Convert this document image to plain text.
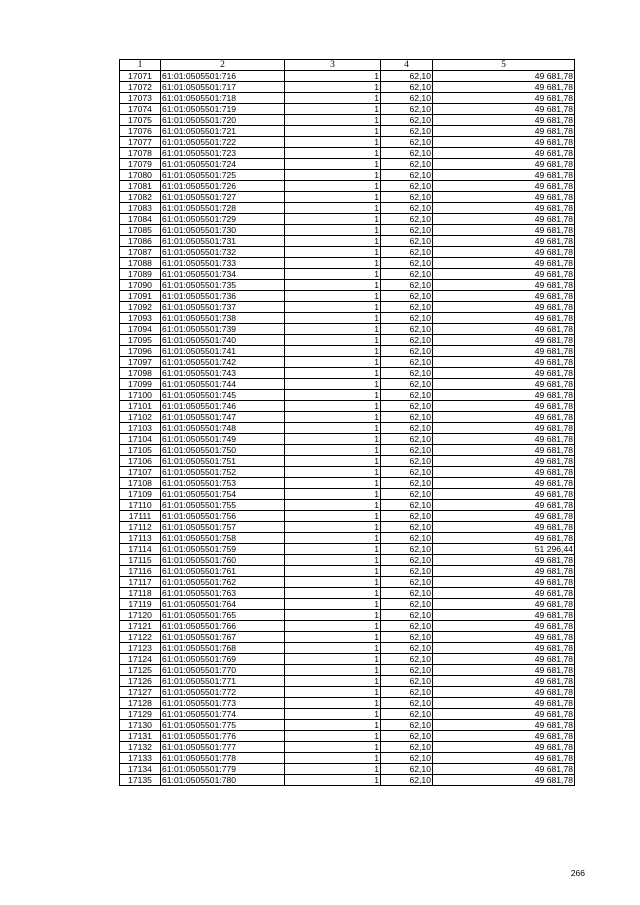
1	2	3	4	5
17071	61:01:0505501:716	1	62,10	49 681,78
17072	61:01:0505501:717	1	62,10	49 681,78
17073	61:01:0505501:718	1	62,10	49 681,78
17074	61:01:0505501:719	1	62,10	49 681,78
17075	61:01:0505501:720	1	62,10	49 681,78
17076	61:01:0505501:721	1	62,10	49 681,78
17077	61:01:0505501:722	1	62,10	49 681,78
17078	61:01:0505501:723	1	62,10	49 681,78
17079	61:01:0505501:724	1	62,10	49 681,78
17080	61:01:0505501:725	1	62,10	49 681,78
17081	61:01:0505501:726	1	62,10	49 681,78
17082	61:01:0505501:727	1	62,10	49 681,78
17083	61:01:0505501:728	1	62,10	49 681,78
17084	61:01:0505501:729	1	62,10	49 681,78
17085	61:01:0505501:730	1	62,10	49 681,78
17086	61:01:0505501:731	1	62,10	49 681,78
17087	61:01:0505501:732	1	62,10	49 681,78
17088	61:01:0505501:733	1	62,10	49 681,78
17089	61:01:0505501:734	1	62,10	49 681,78
17090	61:01:0505501:735	1	62,10	49 681,78
17091	61:01:0505501:736	1	62,10	49 681,78
17092	61:01:0505501:737	1	62,10	49 681,78
17093	61:01:0505501:738	1	62,10	49 681,78
17094	61:01:0505501:739	1	62,10	49 681,78
17095	61:01:0505501:740	1	62,10	49 681,78
17096	61:01:0505501:741	1	62,10	49 681,78
17097	61:01:0505501:742	1	62,10	49 681,78
17098	61:01:0505501:743	1	62,10	49 681,78
17099	61:01:0505501:744	1	62,10	49 681,78
17100	61:01:0505501:745	1	62,10	49 681,78
17101	61:01:0505501:746	1	62,10	49 681,78
17102	61:01:0505501:747	1	62,10	49 681,78
17103	61:01:0505501:748	1	62,10	49 681,78
17104	61:01:0505501:749	1	62,10	49 681,78
17105	61:01:0505501:750	1	62,10	49 681,78
17106	61:01:0505501:751	1	62,10	49 681,78
17107	61:01:0505501:752	1	62,10	49 681,78
17108	61:01:0505501:753	1	62,10	49 681,78
17109	61:01:0505501:754	1	62,10	49 681,78
17110	61:01:0505501:755	1	62,10	49 681,78
17111	61:01:0505501:756	1	62,10	49 681,78
17112	61:01:0505501:757	1	62,10	49 681,78
17113	61:01:0505501:758	1	62,10	49 681,78
17114	61:01:0505501:759	1	62,10	51 296,44
17115	61:01:0505501:760	1	62,10	49 681,78
17116	61:01:0505501:761	1	62,10	49 681,78
17117	61:01:0505501:762	1	62,10	49 681,78
17118	61:01:0505501:763	1	62,10	49 681,78
17119	61:01:0505501:764	1	62,10	49 681,78
17120	61:01:0505501:765	1	62,10	49 681,78
17121	61:01:0505501:766	1	62,10	49 681,78
17122	61:01:0505501:767	1	62,10	49 681,78
17123	61:01:0505501:768	1	62,10	49 681,78
17124	61:01:0505501:769	1	62,10	49 681,78
17125	61:01:0505501:770	1	62,10	49 681,78
17126	61:01:0505501:771	1	62,10	49 681,78
17127	61:01:0505501:772	1	62,10	49 681,78
17128	61:01:0505501:773	1	62,10	49 681,78
17129	61:01:0505501:774	1	62,10	49 681,78
17130	61:01:0505501:775	1	62,10	49 681,78
17131	61:01:0505501:776	1	62,10	49 681,78
17132	61:01:0505501:777	1	62,10	49 681,78
17133	61:01:0505501:778	1	62,10	49 681,78
17134	61:01:0505501:779	1	62,10	49 681,78
17135	61:01:0505501:780	1	62,10	49 681,78
266
